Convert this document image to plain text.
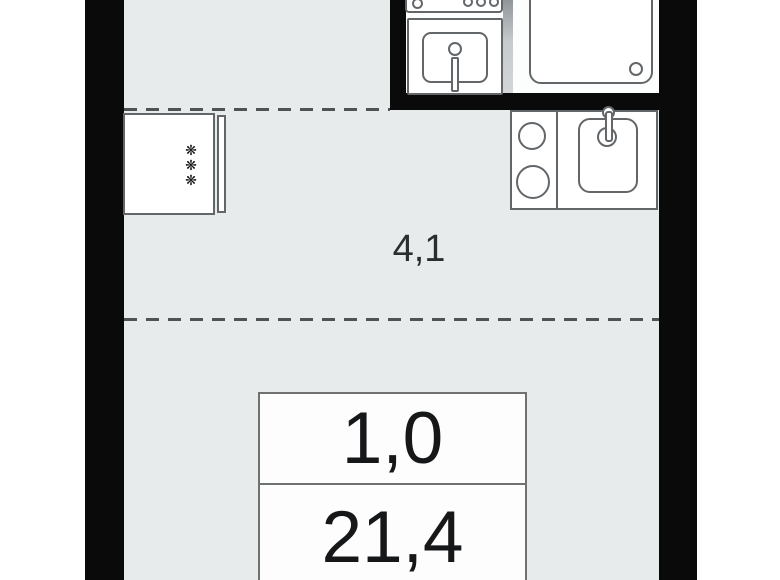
❋
❋
❋
4,1
1,0
21,4
